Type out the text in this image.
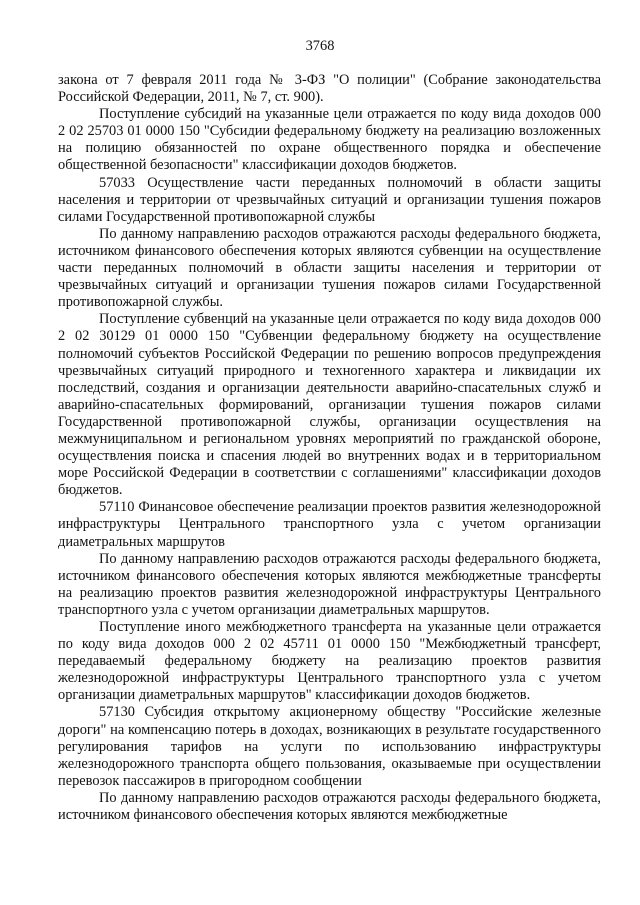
3768

закона от 7 февраля 2011 года № 3-ФЗ "О полиции" (Собрание законодательства Российской Федерации, 2011, № 7, ст. 900).

Поступление субсидий на указанные цели отражается по коду вида доходов 000 2 02 25703 01 0000 150 "Субсидии федеральному бюджету на реализацию возложенных на полицию обязанностей по охране общественного порядка и обеспечение общественной безопасности" классификации доходов бюджетов.

57033 Осуществление части переданных полномочий в области защиты населения и территории от чрезвычайных ситуаций и организации тушения пожаров силами Государственной противопожарной службы

По данному направлению расходов отражаются расходы федерального бюджета, источником финансового обеспечения которых являются субвенции на осуществление части переданных полномочий в области защиты населения и территории от чрезвычайных ситуаций и организации тушения пожаров силами Государственной противопожарной службы.

Поступление субвенций на указанные цели отражается по коду вида доходов 000 2 02 30129 01 0000 150 "Субвенции федеральному бюджету на осуществление полномочий субъектов Российской Федерации по решению вопросов предупреждения чрезвычайных ситуаций природного и техногенного характера и ликвидации их последствий, создания и организации деятельности аварийно-спасательных служб и аварийно-спасательных формирований, организации тушения пожаров силами Государственной противопожарной службы, организации осуществления на межмуниципальном и региональном уровнях мероприятий по гражданской обороне, осуществления поиска и спасения людей во внутренних водах и в территориальном море Российской Федерации в соответствии с соглашениями" классификации доходов бюджетов.

57110 Финансовое обеспечение реализации проектов развития железнодорожной инфраструктуры Центрального транспортного узла с учетом организации диаметральных маршрутов

По данному направлению расходов отражаются расходы федерального бюджета, источником финансового обеспечения которых являются межбюджетные трансферты на реализацию проектов развития железнодорожной инфраструктуры Центрального транспортного узла с учетом организации диаметральных маршрутов.

Поступление иного межбюджетного трансферта на указанные цели отражается по коду вида доходов 000 2 02 45711 01 0000 150 "Межбюджетный трансферт, передаваемый федеральному бюджету на реализацию проектов развития железнодорожной инфраструктуры Центрального транспортного узла с учетом организации диаметральных маршрутов" классификации доходов бюджетов.

57130 Субсидия открытому акционерному обществу "Российские железные дороги" на компенсацию потерь в доходах, возникающих в результате государственного регулирования тарифов на услуги по использованию инфраструктуры железнодорожного транспорта общего пользования, оказываемые при осуществлении перевозок пассажиров в пригородном сообщении

По данному направлению расходов отражаются расходы федерального бюджета, источником финансового обеспечения которых являются межбюджетные
